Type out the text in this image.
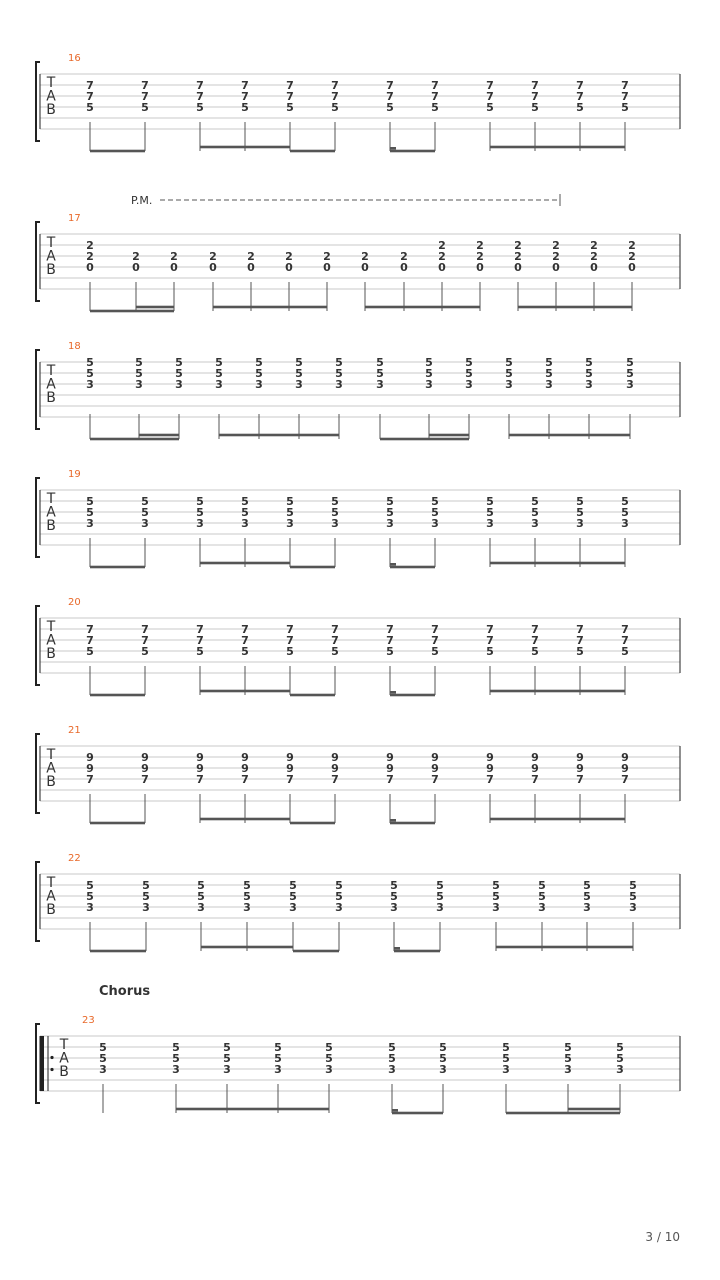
T
A
B
16
7
7
5
7
7
5
7
7
5
7
7
5
7
7
5
7
7
5
7
7
5
7
7
5
7
7
5
7
7
5
7
7
5
7
7
5
T
A
B
17
P.M.
2
2
0
2
0
2
0
2
0
2
0
2
0
2
0
2
0
2
0
2
2
0
2
2
0
2
2
0
2
2
0
2
2
0
2
2
0
T
A
B
18
5
5
3
5
5
3
5
5
3
5
5
3
5
5
3
5
5
3
5
5
3
5
5
3
5
5
3
5
5
3
5
5
3
5
5
3
5
5
3
5
5
3
T
A
B
19
5
5
3
5
5
3
5
5
3
5
5
3
5
5
3
5
5
3
5
5
3
5
5
3
5
5
3
5
5
3
5
5
3
5
5
3
T
A
B
20
7
7
5
7
7
5
7
7
5
7
7
5
7
7
5
7
7
5
7
7
5
7
7
5
7
7
5
7
7
5
7
7
5
7
7
5
T
A
B
21
9
9
7
9
9
7
9
9
7
9
9
7
9
9
7
9
9
7
9
9
7
9
9
7
9
9
7
9
9
7
9
9
7
9
9
7
T
A
B
22
5
5
3
5
5
3
5
5
3
5
5
3
5
5
3
5
5
3
5
5
3
5
5
3
5
5
3
5
5
3
5
5
3
5
5
3
T
A
B
23
Chorus
5
5
3
5
5
3
5
5
3
5
5
3
5
5
3
5
5
3
5
5
3
5
5
3
5
5
3
5
5
3
3 / 10
